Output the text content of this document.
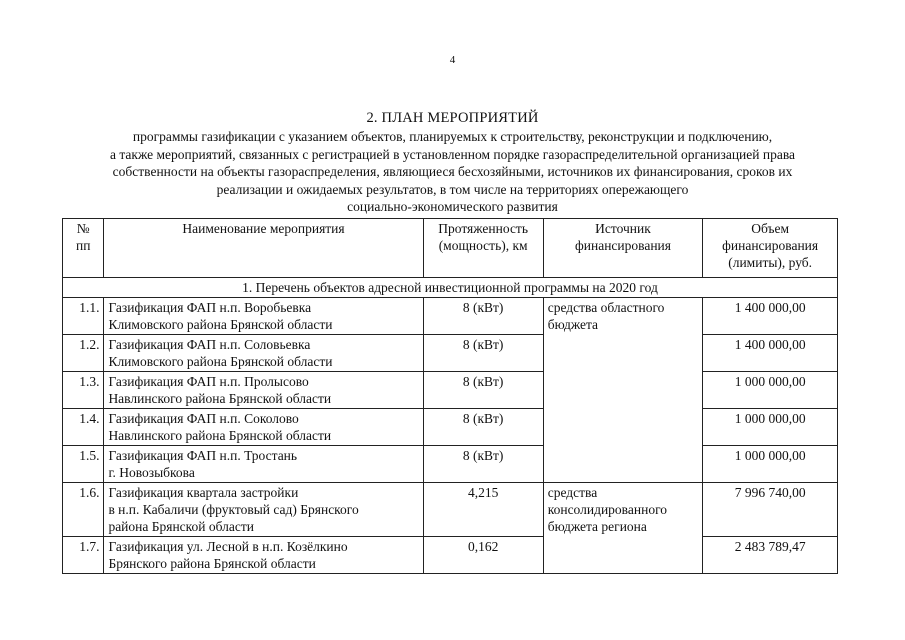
4
2. ПЛАН МЕРОПРИЯТИЙ
программы газификации с указанием объектов, планируемых к строительству, реконструкции и подключению,
а также мероприятий, связанных с регистрацией в установленном порядке газораспределительной организацией права
собственности на объекты газораспределения, являющиеся бесхозяйными, источников их финансирования, сроков их
реализации и ожидаемых результатов, в том числе на территориях опережающего
социально-экономического развития
№
пп	Наименование мероприятия	Протяженность
(мощность), км	Источник
финансирования	Объем
финансирования
(лимиты), руб.

1. Перечень объектов адресной инвестиционной программы на 2020 год				
1.1.	Газификация ФАП н.п. Воробьевка
Климовского района Брянской области	8 (кВт)	средства областного
бюджета	1 400 000,00
1.2.	Газификация ФАП н.п. Соловьевка
Климовского района Брянской области	8 (кВт)		1 400 000,00
1.3.	Газификация ФАП н.п. Пролысово
Навлинского района Брянской области	8 (кВт)		1 000 000,00
1.4.	Газификация ФАП н.п. Соколово
Навлинского района Брянской области	8 (кВт)		1 000 000,00
1.5.	Газификация ФАП н.п. Тростань
г. Новозыбкова	8 (кВт)		1 000 000,00
1.6.	Газификация квартала застройки
в н.п. Кабаличи (фруктовый сад) Брянского
района Брянской области	4,215	средства
консолидированного
бюджета региона	7 996 740,00
1.7.	Газификация ул. Лесной в н.п. Козёлкино
Брянского района Брянской области	0,162		2 483 789,47
